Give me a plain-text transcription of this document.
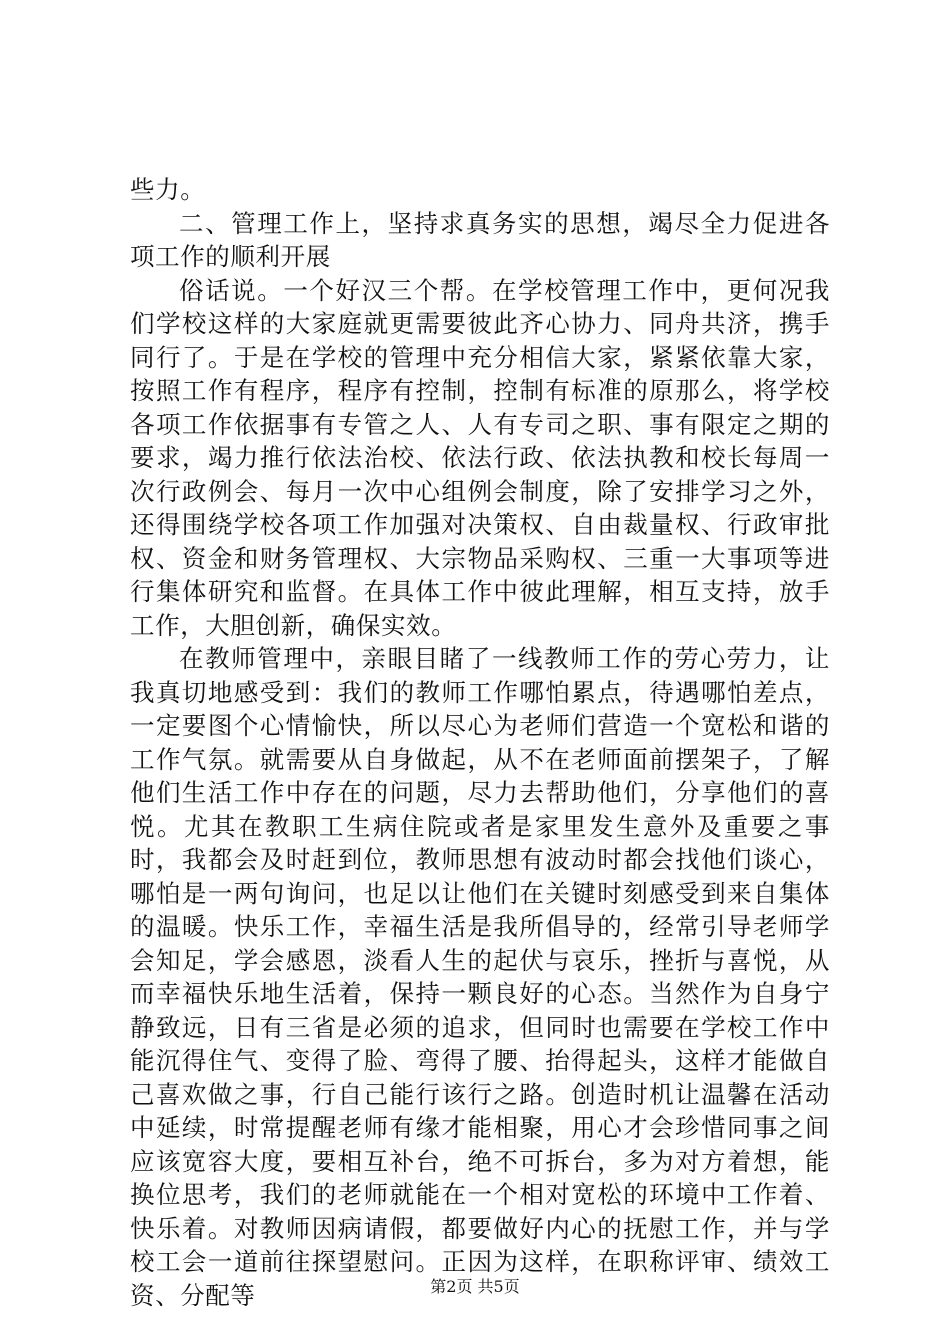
些力。

二、管理工作上，坚持求真务实的思想，竭尽全力促进各项工作的顺利开展

俗话说。一个好汉三个帮。在学校管理工作中，更何况我们学校这样的大家庭就更需要彼此齐心协力、同舟共济，携手同行了。于是在学校的管理中充分相信大家，紧紧依靠大家，按照工作有程序，程序有控制，控制有标准的原那么，将学校各项工作依据事有专管之人、人有专司之职、事有限定之期的要求，竭力推行依法治校、依法行政、依法执教和校长每周一次行政例会、每月一次中心组例会制度，除了安排学习之外，还得围绕学校各项工作加强对决策权、自由裁量权、行政审批权、资金和财务管理权、大宗物品采购权、三重一大事项等进行集体研究和监督。在具体工作中彼此理解，相互支持，放手工作，大胆创新，确保实效。

在教师管理中，亲眼目睹了一线教师工作的劳心劳力，让我真切地感受到：我们的教师工作哪怕累点，待遇哪怕差点，一定要图个心情愉快，所以尽心为老师们营造一个宽松和谐的工作气氛。就需要从自身做起，从不在老师面前摆架子，了解他们生活工作中存在的问题，尽力去帮助他们，分享他们的喜悦。尤其在教职工生病住院或者是家里发生意外及重要之事时，我都会及时赶到位，教师思想有波动时都会找他们谈心，哪怕是一两句询问，也足以让他们在关键时刻感受到来自集体的温暖。快乐工作，幸福生活是我所倡导的，经常引导老师学会知足，学会感恩，淡看人生的起伏与哀乐，挫折与喜悦，从而幸福快乐地生活着，保持一颗良好的心态。当然作为自身宁静致远，日有三省是必须的追求，但同时也需要在学校工作中能沉得住气、变得了脸、弯得了腰、抬得起头，这样才能做自己喜欢做之事，行自己能行该行之路。创造时机让温馨在活动中延续，时常提醒老师有缘才能相聚，用心才会珍惜同事之间应该宽容大度，要相互补台，绝不可拆台，多为对方着想，能换位思考，我们的老师就能在一个相对宽松的环境中工作着、快乐着。对教师因病请假，都要做好内心的抚慰工作，并与学校工会一道前往探望慰问。正因为这样，在职称评审、绩效工资、分配等	第2页 共5页
